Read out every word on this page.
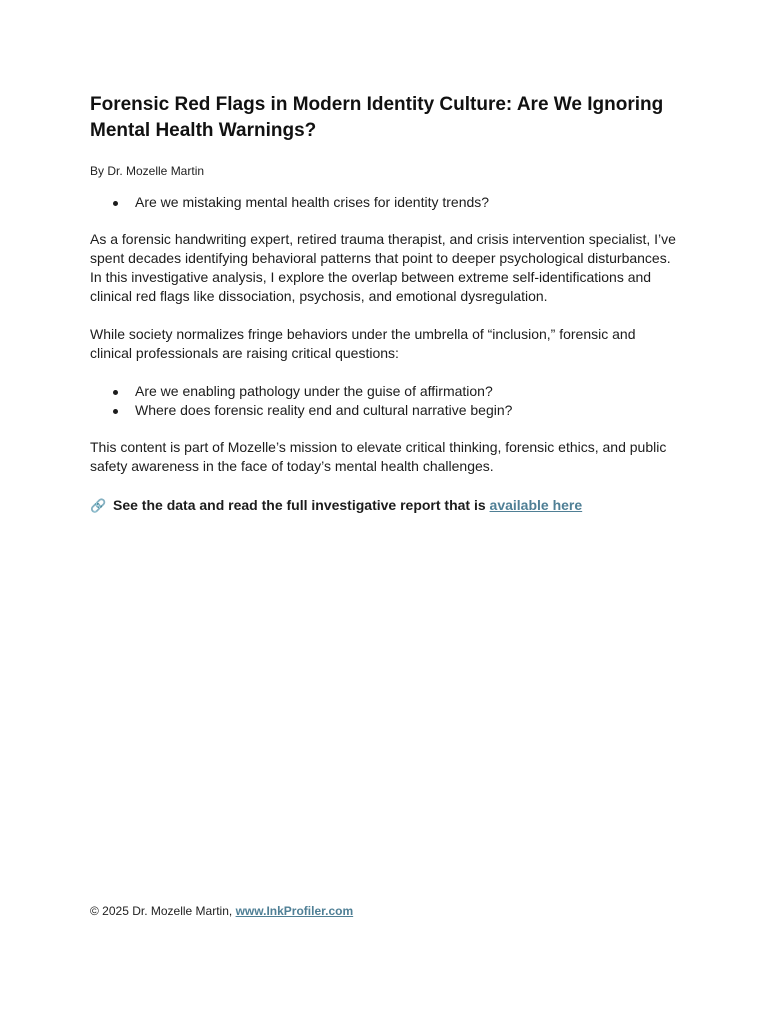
Forensic Red Flags in Modern Identity Culture: Are We Ignoring Mental Health Warnings?
By Dr. Mozelle Martin
Are we mistaking mental health crises for identity trends?

As a forensic handwriting expert, retired trauma therapist, and crisis intervention specialist, I’ve spent decades identifying behavioral patterns that point to deeper psychological disturbances. In this investigative analysis, I explore the overlap between extreme self-identifications and clinical red flags like dissociation, psychosis, and emotional dysregulation.

While society normalizes fringe behaviors under the umbrella of “inclusion,” forensic and clinical professionals are raising critical questions:

Are we enabling pathology under the guise of affirmation?
Where does forensic reality end and cultural narrative begin?

This content is part of Mozelle’s mission to elevate critical thinking, forensic ethics, and public safety awareness in the face of today’s mental health challenges.

🔗 See the data and read the full investigative report that is
available here
© 2025 Dr. Mozelle Martin, www.InkProfiler.com
